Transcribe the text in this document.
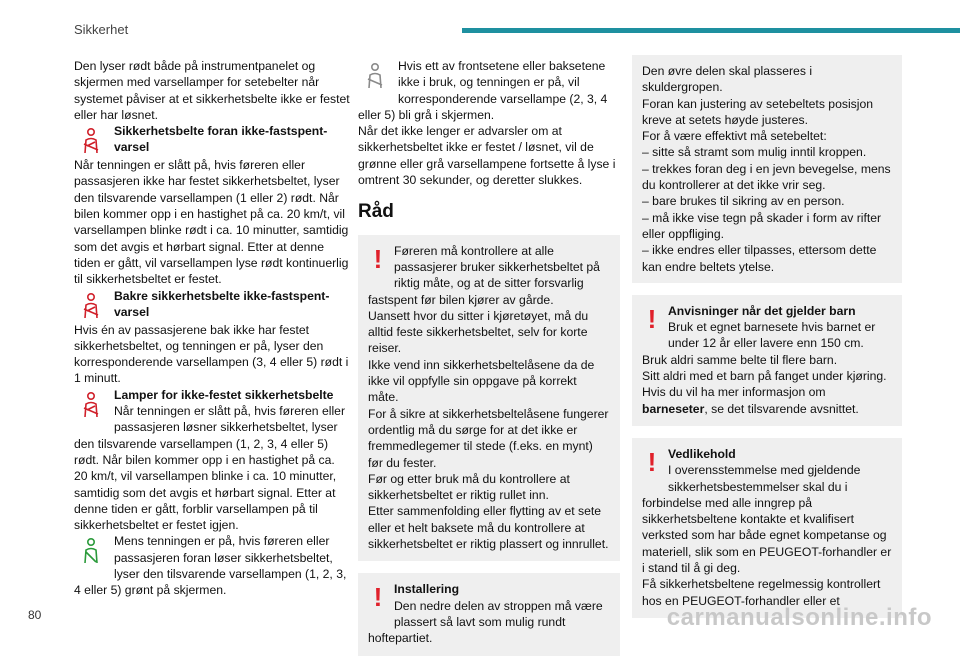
Sikkerhet

Den lyser rødt både på instrumentpanelet og skjermen med varsellamper for setebelter når systemet påviser at et sikkerhetsbelte ikke er festet eller har løsnet.

Sikkerhetsbelte foran ikke-fastspent-varsel

Når tenningen er slått på, hvis føreren eller passasjeren ikke har festet sikkerhetsbeltet, lyser den tilsvarende varsellampen (1 eller 2) rødt. Når bilen kommer opp i en hastighet på ca. 20 km/t, vil varsellampen blinke rødt i ca. 10 minutter, samtidig som det avgis et hørbart signal. Etter at denne tiden er gått, vil varsellampen lyse rødt kontinuerlig til sikkerhetsbeltet er festet.

Bakre sikkerhetsbelte ikke-fastspent-varsel

Hvis én av passasjerene bak ikke har festet sikkerhetsbeltet, og tenningen er på, lyser den korresponderende varsellampen (3, 4 eller 5) rødt i 1 minutt.

Lamper for ikke-festet sikkerhetsbelte

Når tenningen er slått på, hvis føreren eller passasjeren løsner sikkerhetsbeltet, lyser den tilsvarende varsellampen (1, 2, 3, 4 eller 5) rødt. Når bilen kommer opp i en hastighet på ca. 20 km/t, vil varsellampen blinke i ca. 10 minutter, samtidig som det avgis et hørbart signal. Etter at denne tiden er gått, forblir varsellampen på til sikkerhetsbeltet er festet igjen.

Mens tenningen er på, hvis føreren eller passasjeren foran løser sikkerhetsbeltet, lyser den tilsvarende varsellampen (1, 2, 3, 4 eller 5) grønt på skjermen.

Hvis ett av frontsetene eller baksetene ikke i bruk, og tenningen er på, vil korresponderende varsellampe (2, 3, 4 eller 5) bli grå i skjermen.

Når det ikke lenger er advarsler om at sikkerhetsbeltet ikke er festet / løsnet, vil de grønne eller grå varsellampene fortsette å lyse i omtrent 30 sekunder, og deretter slukkes.

Råd
! Føreren må kontrollere at alle passasjerer bruker sikkerhetsbeltet på riktig måte, og at de sitter forsvarlig fastspent før bilen kjører av gårde.
Uansett hvor du sitter i kjøretøyet, må du alltid feste sikkerhetsbeltet, selv for korte reiser.
Ikke vend inn sikkerhetsbeltelåsene da de ikke vil oppfylle sin oppgave på korrekt måte.
For å sikre at sikkerhetsbeltelåsene fungerer ordentlig må du sørge for at det ikke er fremmedlegemer til stede (f.eks. en mynt) før du fester.
Før og etter bruk må du kontrollere at sikkerhetsbeltet er riktig rullet inn.
Etter sammenfolding eller flytting av et sete eller et helt baksete må du kontrollere at sikkerhetsbeltet er riktig plassert og innrullet.

! Installering

Den nedre delen av stroppen må være plassert så lavt som mulig rundt hoftepartiet.

Den øvre delen skal plasseres i skuldergropen.
Foran kan justering av setebeltets posisjon kreve at setets høyde justeres.
For å være effektivt må setebeltet:
– sitte så stramt som mulig inntil kroppen.
– trekkes foran deg i en jevn bevegelse, mens du kontrollerer at det ikke vrir seg.
– bare brukes til sikring av en person.
– må ikke vise tegn på skader i form av rifter eller oppfliging.
– ikke endres eller tilpasses, ettersom dette kan endre beltets ytelse.

! Anvisninger når det gjelder barn

Bruk et egnet barnesete hvis barnet er under 12 år eller lavere enn 150 cm.
Bruk aldri samme belte til flere barn.
Sitt aldri med et barn på fanget under kjøring.
Hvis du vil ha mer informasjon om
barneseter, se det tilsvarende avsnittet.

! Vedlikehold

I overensstemmelse med gjeldende sikkerhetsbestemmelser skal du i forbindelse med alle inngrep på sikkerhetsbeltene kontakte et kvalifisert verksted som har både egnet kompetanse og materiell, slik som en PEUGEOT-forhandler er i stand til å gi deg.
Få sikkerhetsbeltene regelmessig kontrollert hos en PEUGEOT-forhandler eller et

80	carmanualsonline.info
